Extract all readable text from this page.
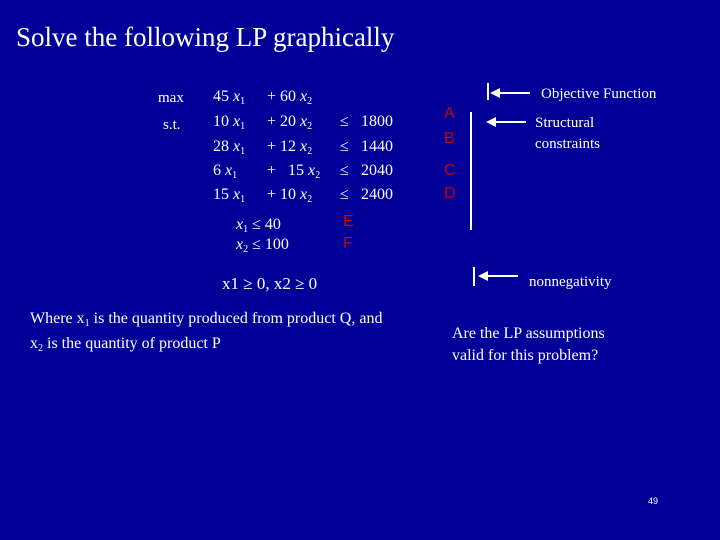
Solve the following LP graphically
max
s.t.
45 $x_1 + 60$ $x_2$
10 $x_1 + 20$ $x_2 \le 1800$
28 $x_1 + 12$ $x_2 \le 1440$
6 $x_1 + 15$ $x_2 \le 2040$
15 $x_1 + 10$ $x_2 \le 2400$
A
B
C
D
$x_1 \le 40$
$x_2 \le 100$
E
F
x1 ≥ 0, x2 ≥ 0
Objective Function
Structural
constraints
nonnegativity
Where $x_1$ is the quantity produced from product Q, and $x_2$ is the quantity of product P
Are the LP assumptions
valid for this problem?
49
